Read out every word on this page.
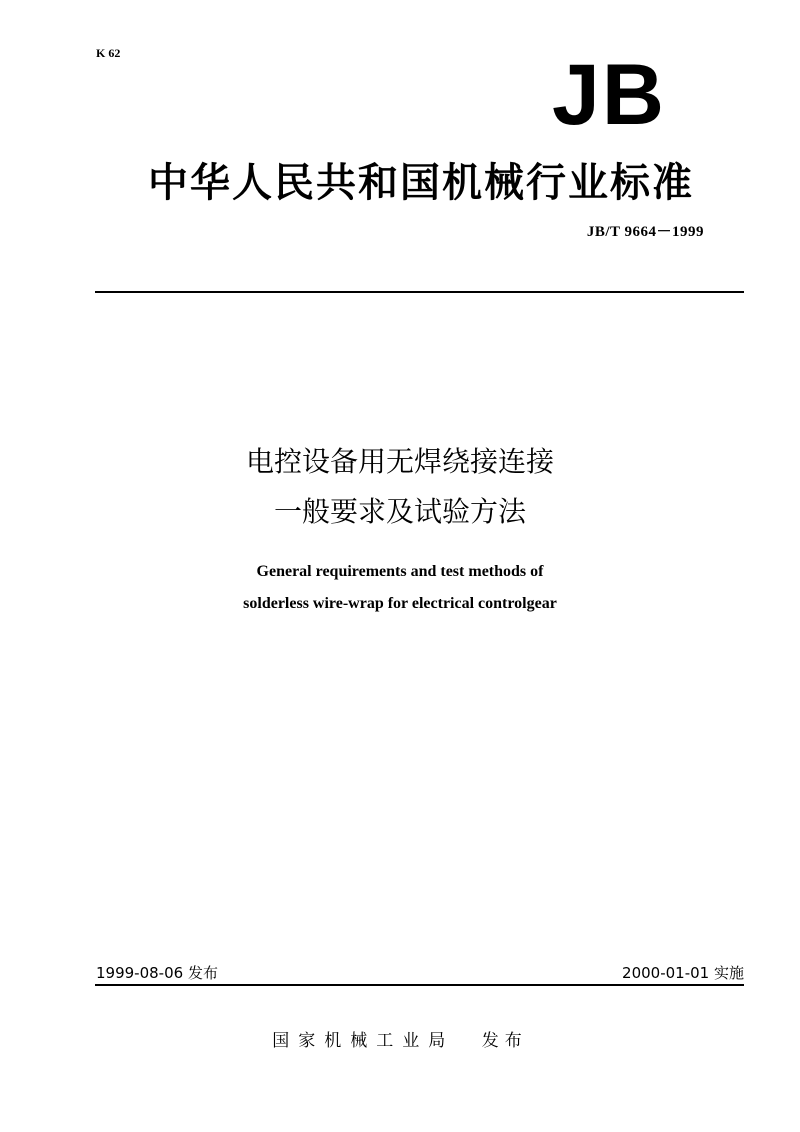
K 62	JB
中华人民共和国机械行业标准
JB/T 9664－1999
电控设备用无焊绕接连接
一般要求及试验方法
General requirements and test methods of
solderless wire-wrap for electrical controlgear
1999-08-06 发布	2000-01-01 实施
国家机械工业局 发布
